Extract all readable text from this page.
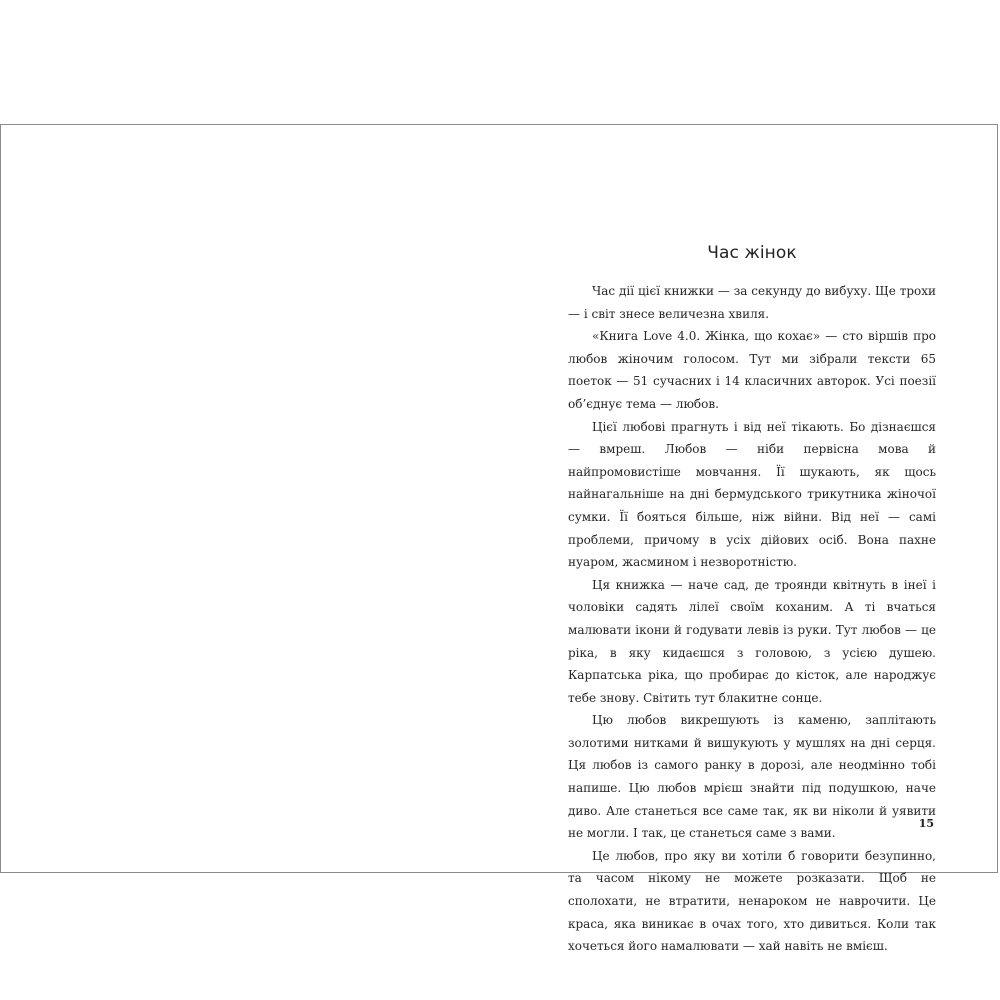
Час жінок

Час дії цієї книжки — за секунду до вибуху. Ще трохи — і світ знесе величезна хвиля.

«Книга Love 4.0. Жінка, що кохає» — сто віршів про любов жіночим голосом. Тут ми зібрали тексти 65 поеток — 51 сучасних і 14 класичних авторок. Усі поезії об’єднує тема — любов.

Цієї любові прагнуть і від неї тікають. Бо дізнаєшся — вмреш. Любов — ніби первісна мова й найпромовистіше мовчання. Її шукають, як щось найнагальніше на дні бермудського трикутника жіночої сумки. Її бояться більше, ніж війни. Від неї — самі проблеми, причому в усіх дійових осіб. Вона пахне нуаром, жасмином і незворотністю.

Ця книжка — наче сад, де троянди квітнуть в інеї і чоловіки садять лілеї своїм коханим. А ті вчаться малювати ікони й годувати левів із руки. Тут любов — це ріка, в яку кидаєшся з головою, з усією душею. Карпатська ріка, що пробирає до кісток, але народжує тебе знову. Світить тут блакитне сонце.

Цю любов викрешують із каменю, заплітають золотими нитками й вишукують у мушлях на дні серця. Ця любов із самого ранку в дорозі, але неодмінно тобі напише. Цю любов мрієш знайти під подушкою, наче диво. Але станеться все саме так, як ви ніколи й уявити не могли. І так, це станеться саме з вами.

Це любов, про яку ви хотіли б говорити безупинно, та часом нікому не можете розказати. Щоб не сполохати, не втратити, ненароком не наврочити. Це краса, яка виникає в очах того, хто дивиться. Коли так хочеться його намалювати — хай навіть не вмієш.

15
